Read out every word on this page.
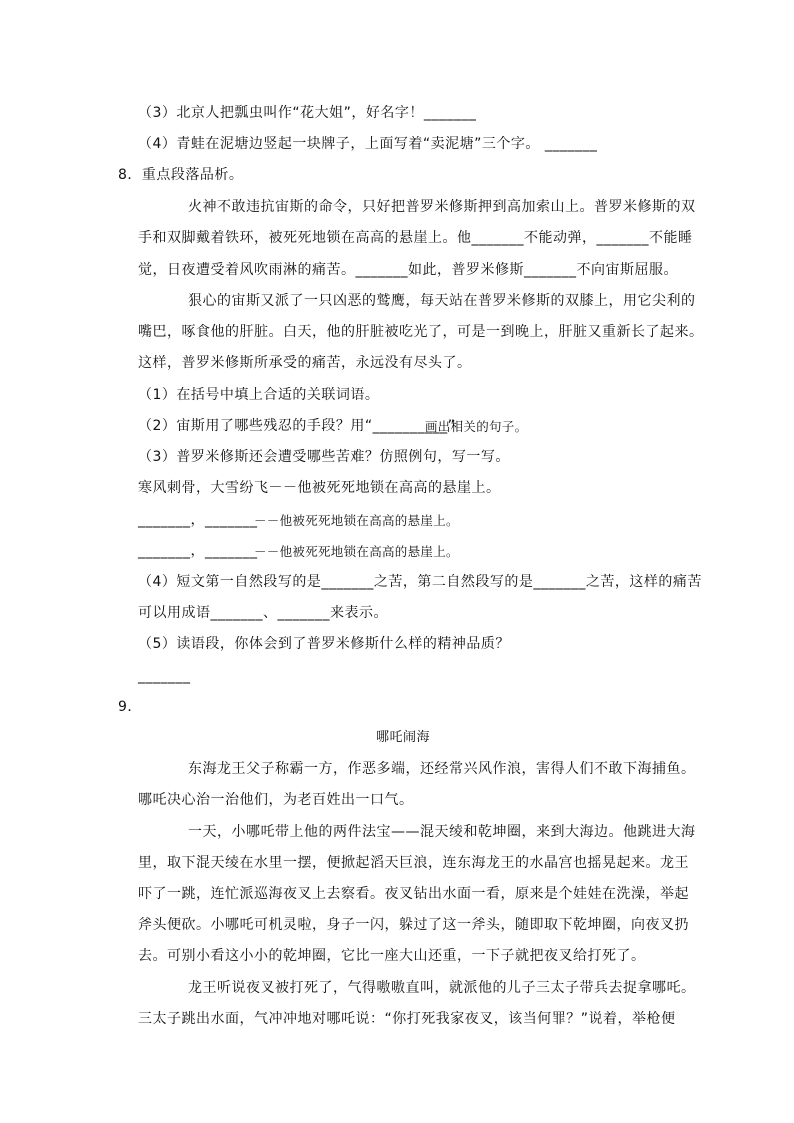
（3）北京人把瓢虫叫作“花大姐”，好名字！_______
（4）青蛙在泥塘边竖起一块牌子，上面写着“卖泥塘”三个字。 _______
8．重点段落品析。
火神不敢违抗宙斯的命令，只好把普罗米修斯押到高加索山上。普罗米修斯的双
手和双脚戴着铁环，被死死地锁在高高的悬崖上。他_______不能动弹，_______不能睡
觉，日夜遭受着风吹雨淋的痛苦。_______如此，普罗米修斯_______不向宙斯屈服。
狠心的宙斯又派了一只凶恶的鹫鹰，每天站在普罗米修斯的双膝上，用它尖利的
嘴巴，啄食他的肝脏。白天，他的肝脏被吃光了，可是一到晚上，肝脏又重新长了起来。
这样，普罗米修斯所承受的痛苦，永远没有尽头了。
（1）在括号中填上合适的关联词语。
（2）宙斯用了哪些残忍的手段？用“__________”
画出相关的句子。
（3）普罗米修斯还会遭受哪些苦难？仿照例句，写一写。
寒风刺骨，大雪纷飞－－他被死死地锁在高高的悬崖上。
_______，_______
－－他被死死地锁在高高的悬崖上。
_______，_______
－－他被死死地锁在高高的悬崖上。
（4）短文第一自然段写的是_______之苦，第二自然段写的是_______之苦，这样的痛苦
可以用成语_______、_______来表示。
（5）读语段，你体会到了普罗米修斯什么样的精神品质？
_______
9．
哪吒闹海
东海龙王父子称霸一方，作恶多端，还经常兴风作浪，害得人们不敢下海捕鱼。
哪吒决心治一治他们，为老百姓出一口气。
一天，小哪吒带上他的两件法宝——混天绫和乾坤圈，来到大海边。他跳进大海
里，取下混天绫在水里一摆，便掀起滔天巨浪，连东海龙王的水晶宫也摇晃起来。龙王
吓了一跳，连忙派巡海夜叉上去察看。夜叉钻出水面一看，原来是个娃娃在洗澡，举起
斧头便砍。小哪吒可机灵啦，身子一闪，躲过了这一斧头，随即取下乾坤圈，向夜叉扔
去。可别小看这小小的乾坤圈，它比一座大山还重，一下子就把夜叉给打死了。
龙王听说夜叉被打死了，气得嗷嗷直叫，就派他的儿子三太子带兵去捉拿哪吒。
三太子跳出水面，气冲冲地对哪吒说：“你打死我家夜叉，该当何罪？”说着，举枪便
